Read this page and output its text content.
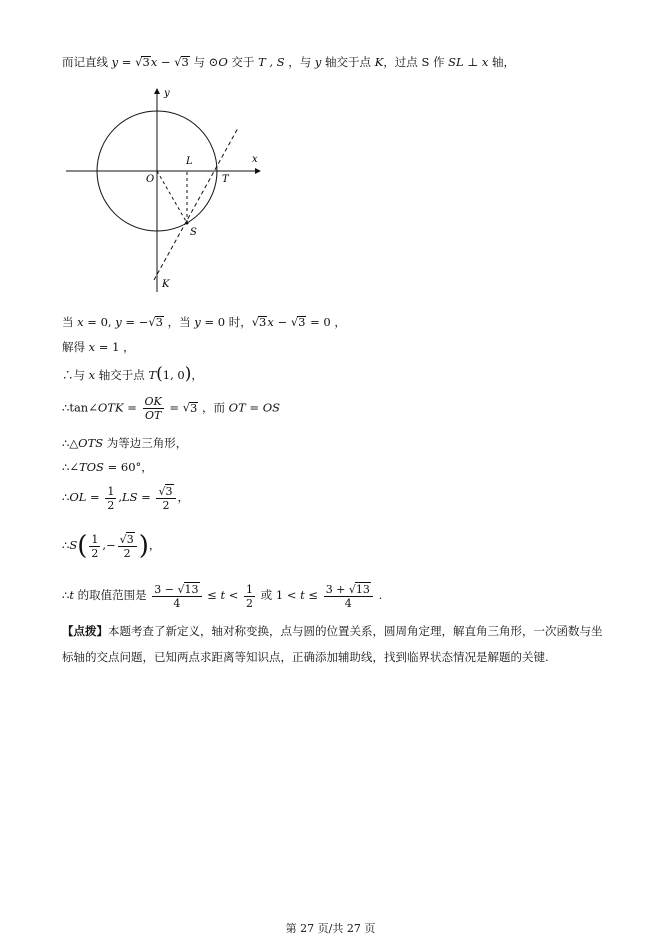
而记直线 y = √3x − √3 与 ⊙O 交于 T , S ，与 y 轴交于点 K，过点 S 作 SL ⊥ x 轴，
y
x
O
L
T
S
K
当 x = 0, y = −√3 ，当 y = 0 时，√3x − √3 = 0 ，
解得 x = 1 ，
∴与 x 轴交于点 T(1, 0)，
∴tan∠OTK = $\frac{OK}{OT} = √3$ ，而 OT = OS
∴△OTS 为等边三角形，
∴∠TOS = 60°，
∴OL = $\frac{1}{2} ,LS = \frac{√3}{2}$ ，
∴S( $\frac{1}{2}$ ,− $\frac{√3}{2}$ )，
∴t 的取值范围是 $\frac{3 - √13}{4} \le t < \frac{1}{2}$ 或 $1 < t \le \frac{3 + √13}{4}$ .
【点拨】本题考查了新定义，轴对称变换，点与圆的位置关系，圆周角定理，解直角三角形，一次函数与坐标轴的交点问题，已知两点求距离等知识点，正确添加辅助线，找到临界状态情况是解题的关键.
第 27 页/共 27 页
